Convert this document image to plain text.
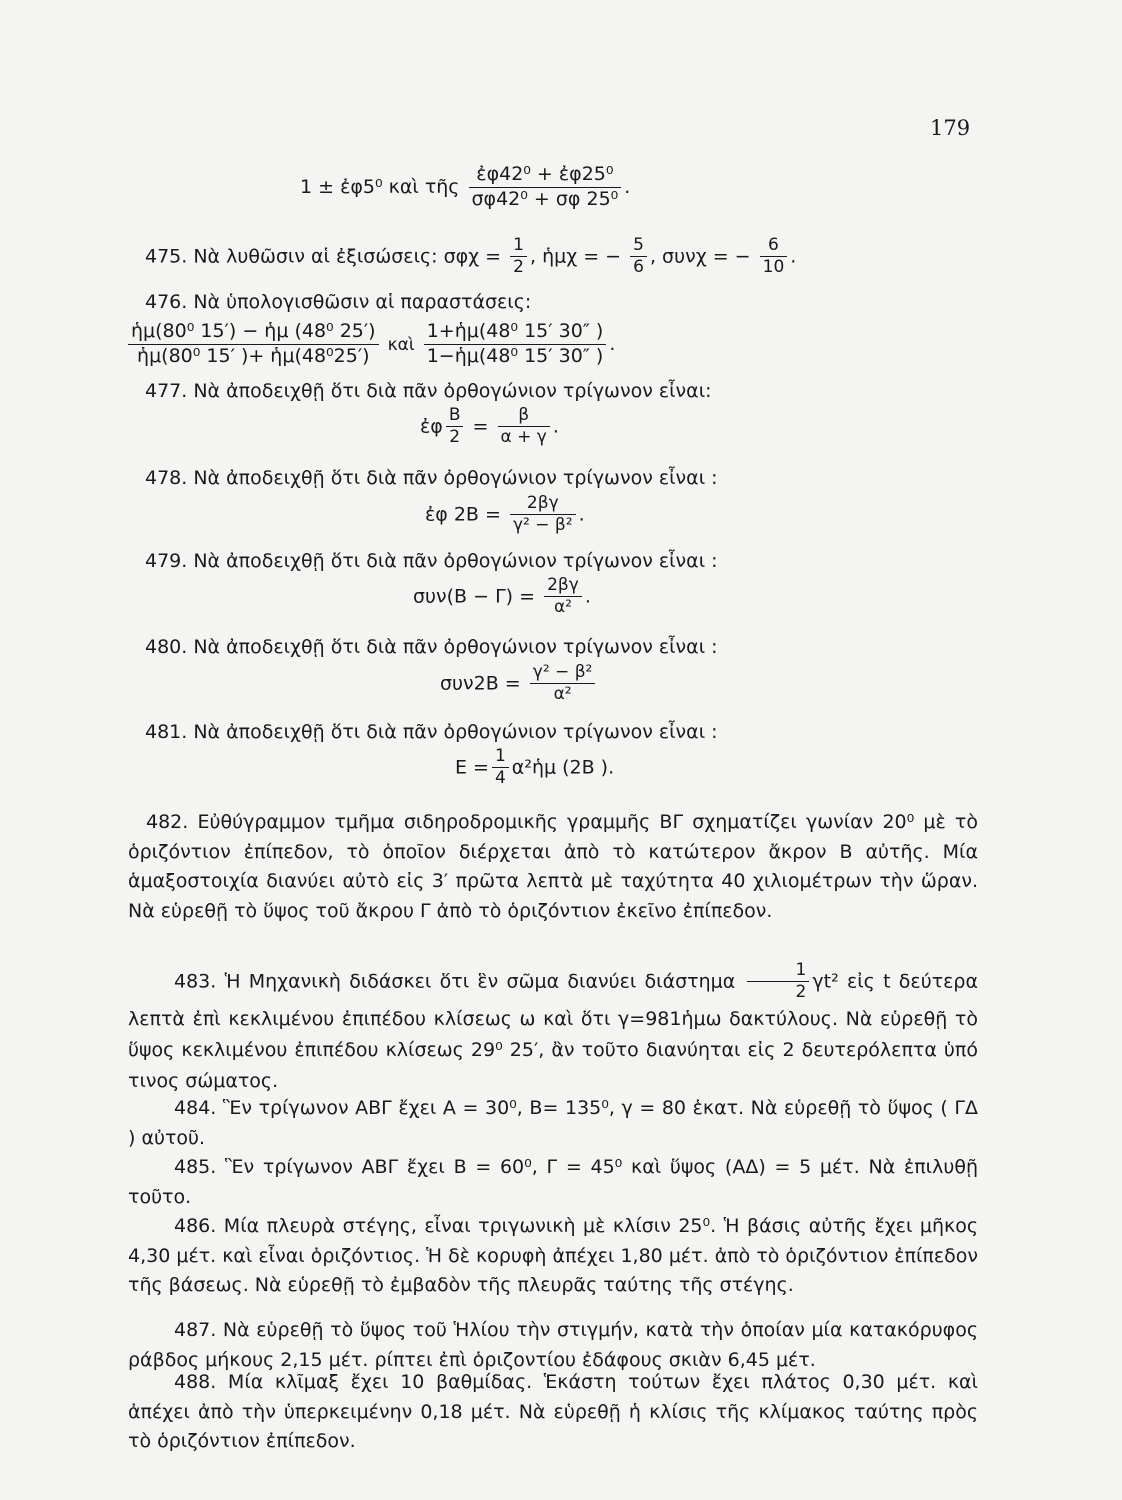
179
1 ± ἐφ5⁰ καὶ τῆς $\frac{\text{ἐφ42⁰ + ἐφ25⁰}}{\text{σφ42⁰ + σφ 25⁰}}$ .
475. Νὰ λυθῶσιν αἱ ἐξισώσεις: $\sigma\varphi\chi = \frac{1}{2}$ , ἡμχ = − $\frac{5}{6}$ , συνχ = − $\frac{6}{10}$ .
476. Νὰ ὑπολογισθῶσιν αἱ παραστάσεις:
$\frac{\text{ἡμ(80⁰ 15′) − ἡμ (48⁰ 25′)}}{\text{ἡμ(80⁰ 15′ )+ ἡμ(48⁰25′)}}$ καὶ $\frac{\text{1+ἡμ(48⁰ 15′ 30″ )}}{\text{1−ἡμ(48⁰ 15′ 30″ )}}$ .
477. Νὰ ἀποδειχθῇ ὅτι διὰ πᾶν ὀρθογώνιον τρίγωνον εἶναι:
ἐφ $\frac{B}{2} = \frac{\beta}{\alpha + \gamma}$ .
478. Νὰ ἀποδειχθῇ ὅτι διὰ πᾶν ὀρθογώνιον τρίγωνον εἶναι :
ἐφ $2B = \frac{2\beta\gamma}{\text{γ² − β²}}$ .
479. Νὰ ἀποδειχθῇ ὅτι διὰ πᾶν ὀρθογώνιον τρίγωνον εἶναι :
$\sigma\upsilon\nu(B - \Gamma) = \frac{2\beta\gamma}{\text{α²}}$ .
480. Νὰ ἀποδειχθῇ ὅτι διὰ πᾶν ὀρθογώνιον τρίγωνον εἶναι :
$\sigma\upsilon\nu 2B = \frac{\text{γ² − β²}}{\text{α²}}$
481. Νὰ ἀποδειχθῇ ὅτι διὰ πᾶν ὀρθογώνιον τρίγωνον εἶναι :
$E = \frac{1}{4}$ α²ἡμ (2Β ).
482. Εὐθύγραμμον τμῆμα σιδηροδρομικῆς γραμμῆς ΒΓ σχηματίζει γωνίαν 20⁰ μὲ τὸ ὁριζόντιον ἐπίπεδον, τὸ ὁποῖον διέρχεται ἀπὸ τὸ κατώτερον ἄκρον Β αὐτῆς. Μία ἁμαξοστοιχία διανύει αὐτὸ εἰς 3′ πρῶτα λεπτὰ μὲ ταχύτητα 40 χιλιομέτρων τὴν ὥραν. Νὰ εὑρεθῇ τὸ ὕψος τοῦ ἄκρου Γ ἀπὸ τὸ ὁριζόντιον ἐκεῖνο ἐπίπεδον.
483. Ἡ Μηχανικὴ διδάσκει ὅτι ἓν σῶμα διανύει διάστημα $\frac{1}{2} \gamma t^2$ εἰς t δεύτερα λεπτὰ ἐπὶ κεκλιμένου ἐπιπέδου κλίσεως ω καὶ ὅτι γ=981ἡμω δακτύλους. Νὰ εὑρεθῇ τὸ ὕψος κεκλιμένου ἐπιπέδου κλίσεως 29⁰ 25′, ἂν τοῦτο διανύηται εἰς 2 δευτερόλεπτα ὑπό τινος σώματος.
484. Ἓν τρίγωνον ΑΒΓ ἔχει Α = 30⁰, Β= 135⁰, γ = 80 ἑκατ. Νὰ εὑρεθῇ τὸ ὕψος ( ΓΔ ) αὐτοῦ.
485. Ἓν τρίγωνον ΑΒΓ ἔχει Β = 60⁰, Γ = 45⁰ καὶ ὕψος (ΑΔ) = 5 μέτ. Νὰ ἐπιλυθῇ τοῦτο.
486. Μία πλευρὰ στέγης, εἶναι τριγωνικὴ μὲ κλίσιν 25⁰. Ἡ βάσις αὐτῆς ἔχει μῆκος 4,30 μέτ. καὶ εἶναι ὁριζόντιος. Ἡ δὲ κορυφὴ ἀπέχει 1,80 μέτ. ἀπὸ τὸ ὁριζόντιον ἐπίπεδον τῆς βάσεως. Νὰ εὑρεθῇ τὸ ἐμβαδὸν τῆς πλευρᾶς ταύτης τῆς στέγης.
487. Νὰ εὑρεθῇ τὸ ὕψος τοῦ Ἡλίου τὴν στιγμήν, κατὰ τὴν ὁποίαν μία κατακόρυφος ράβδος μήκους 2,15 μέτ. ρίπτει ἐπὶ ὁριζοντίου ἐδάφους σκιὰν 6,45 μέτ.
488. Μία κλῖμαξ ἔχει 10 βαθμίδας. Ἑκάστη τούτων ἔχει πλάτος 0,30 μέτ. καὶ ἀπέχει ἀπὸ τὴν ὑπερκειμένην 0,18 μέτ. Νὰ εὑρεθῇ ἡ κλίσις τῆς κλίμακος ταύτης πρὸς τὸ ὁριζόντιον ἐπίπεδον.
